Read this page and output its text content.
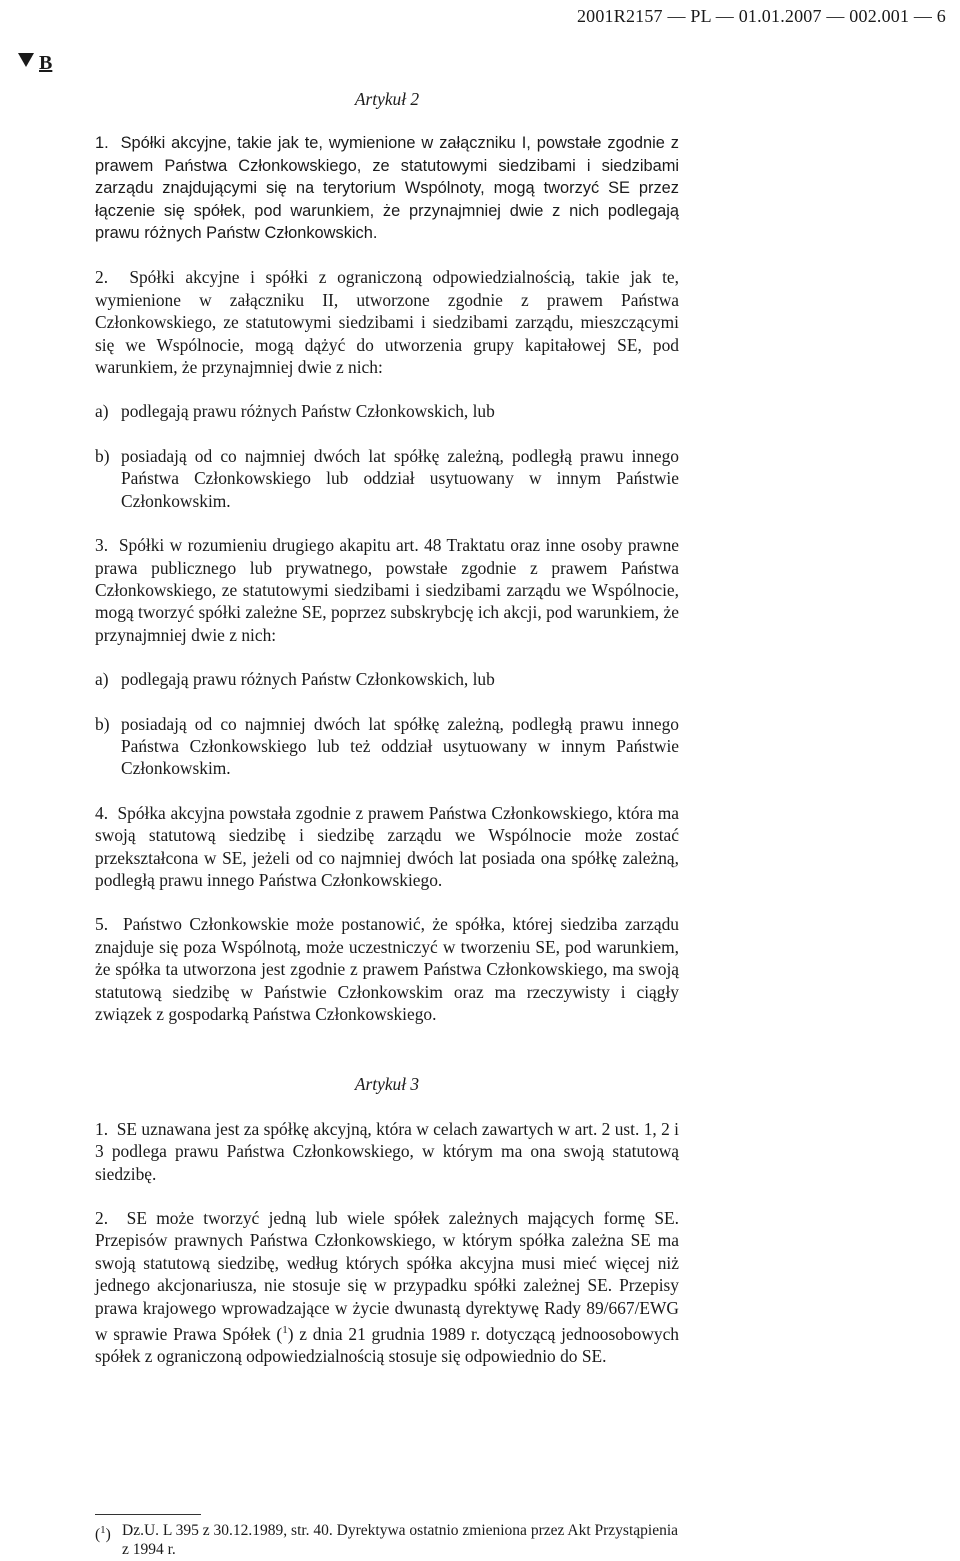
2001R2157 — PL — 01.01.2007 — 002.001 — 6
B
Artykuł 2

1.  Spółki akcyjne, takie jak te, wymienione w załączniku I, powstałe zgodnie z prawem Państwa Członkowskiego, ze statutowymi siedzibami i siedzibami zarządu znajdującymi się na terytorium Wspólnoty, mogą tworzyć SE przez łączenie się spółek, pod warunkiem, że przynajmniej dwie z nich podlegają prawu różnych Państw Członkowskich.

2.  Spółki akcyjne i spółki z ograniczoną odpowiedzialnością, takie jak te, wymienione w załączniku II, utworzone zgodnie z prawem Państwa Członkowskiego, ze statutowymi siedzibami i siedzibami zarządu, mieszczącymi się we Wspólnocie, mogą dążyć do utworzenia grupy kapitałowej SE, pod warunkiem, że przynajmniej dwie z nich:

a) podlegają prawu różnych Państw Członkowskich, lub
b) posiadają od co najmniej dwóch lat spółkę zależną, podległą prawu innego Państwa Członkowskiego lub oddział usytuowany w innym Państwie Członkowskim.

3.  Spółki w rozumieniu drugiego akapitu art. 48 Traktatu oraz inne osoby prawne prawa publicznego lub prywatnego, powstałe zgodnie z prawem Państwa Członkowskiego, ze statutowymi siedzibami i siedzibami zarządu we Wspólnocie, mogą tworzyć spółki zależne SE, poprzez subskrybcję ich akcji, pod warunkiem, że przynajmniej dwie z nich:

a) podlegają prawu różnych Państw Członkowskich, lub
b) posiadają od co najmniej dwóch lat spółkę zależną, podległą prawu innego Państwa Członkowskiego lub też oddział usytuowany w innym Państwie Członkowskim.

4.  Spółka akcyjna powstała zgodnie z prawem Państwa Członkowskiego, która ma swoją statutową siedzibę i siedzibę zarządu we Wspólnocie może zostać przekształcona w SE, jeżeli od co najmniej dwóch lat posiada ona spółkę zależną, podległą prawu innego Państwa Członkowskiego.

5.  Państwo Członkowskie może postanowić, że spółka, której siedziba zarządu znajduje się poza Wspólnotą, może uczestniczyć w tworzeniu SE, pod warunkiem, że spółka ta utworzona jest zgodnie z prawem Państwa Członkowskiego, ma swoją statutową siedzibę w Państwie Członkowskim oraz ma rzeczywisty i ciągły związek z gospodarką Państwa Członkowskiego.

Artykuł 3

1.  SE uznawana jest za spółkę akcyjną, która w celach zawartych w art. 2 ust. 1, 2 i 3 podlega prawu Państwa Członkowskiego, w którym ma ona swoją statutową siedzibę.

2.  SE może tworzyć jedną lub wiele spółek zależnych mających formę SE. Przepisów prawnych Państwa Członkowskiego, w którym spółka zależna SE ma swoją statutową siedzibę, według których spółka akcyjna musi mieć więcej niż jednego akcjonariusza, nie stosuje się w przypadku spółki zależnej SE. Przepisy prawa krajowego wprowadzające w życie dwunastą dyrektywę Rady 89/667/EWG w sprawie Prawa Spółek ($^1$) z dnia 21 grudnia 1989 r. dotyczącą jednoosobowych spółek z ograniczoną odpowiedzialnością stosuje się odpowiednio do SE.

($^1$) Dz.U. L 395 z 30.12.1989, str. 40. Dyrektywa ostatnio zmieniona przez Akt Przystąpienia z 1994 r.
